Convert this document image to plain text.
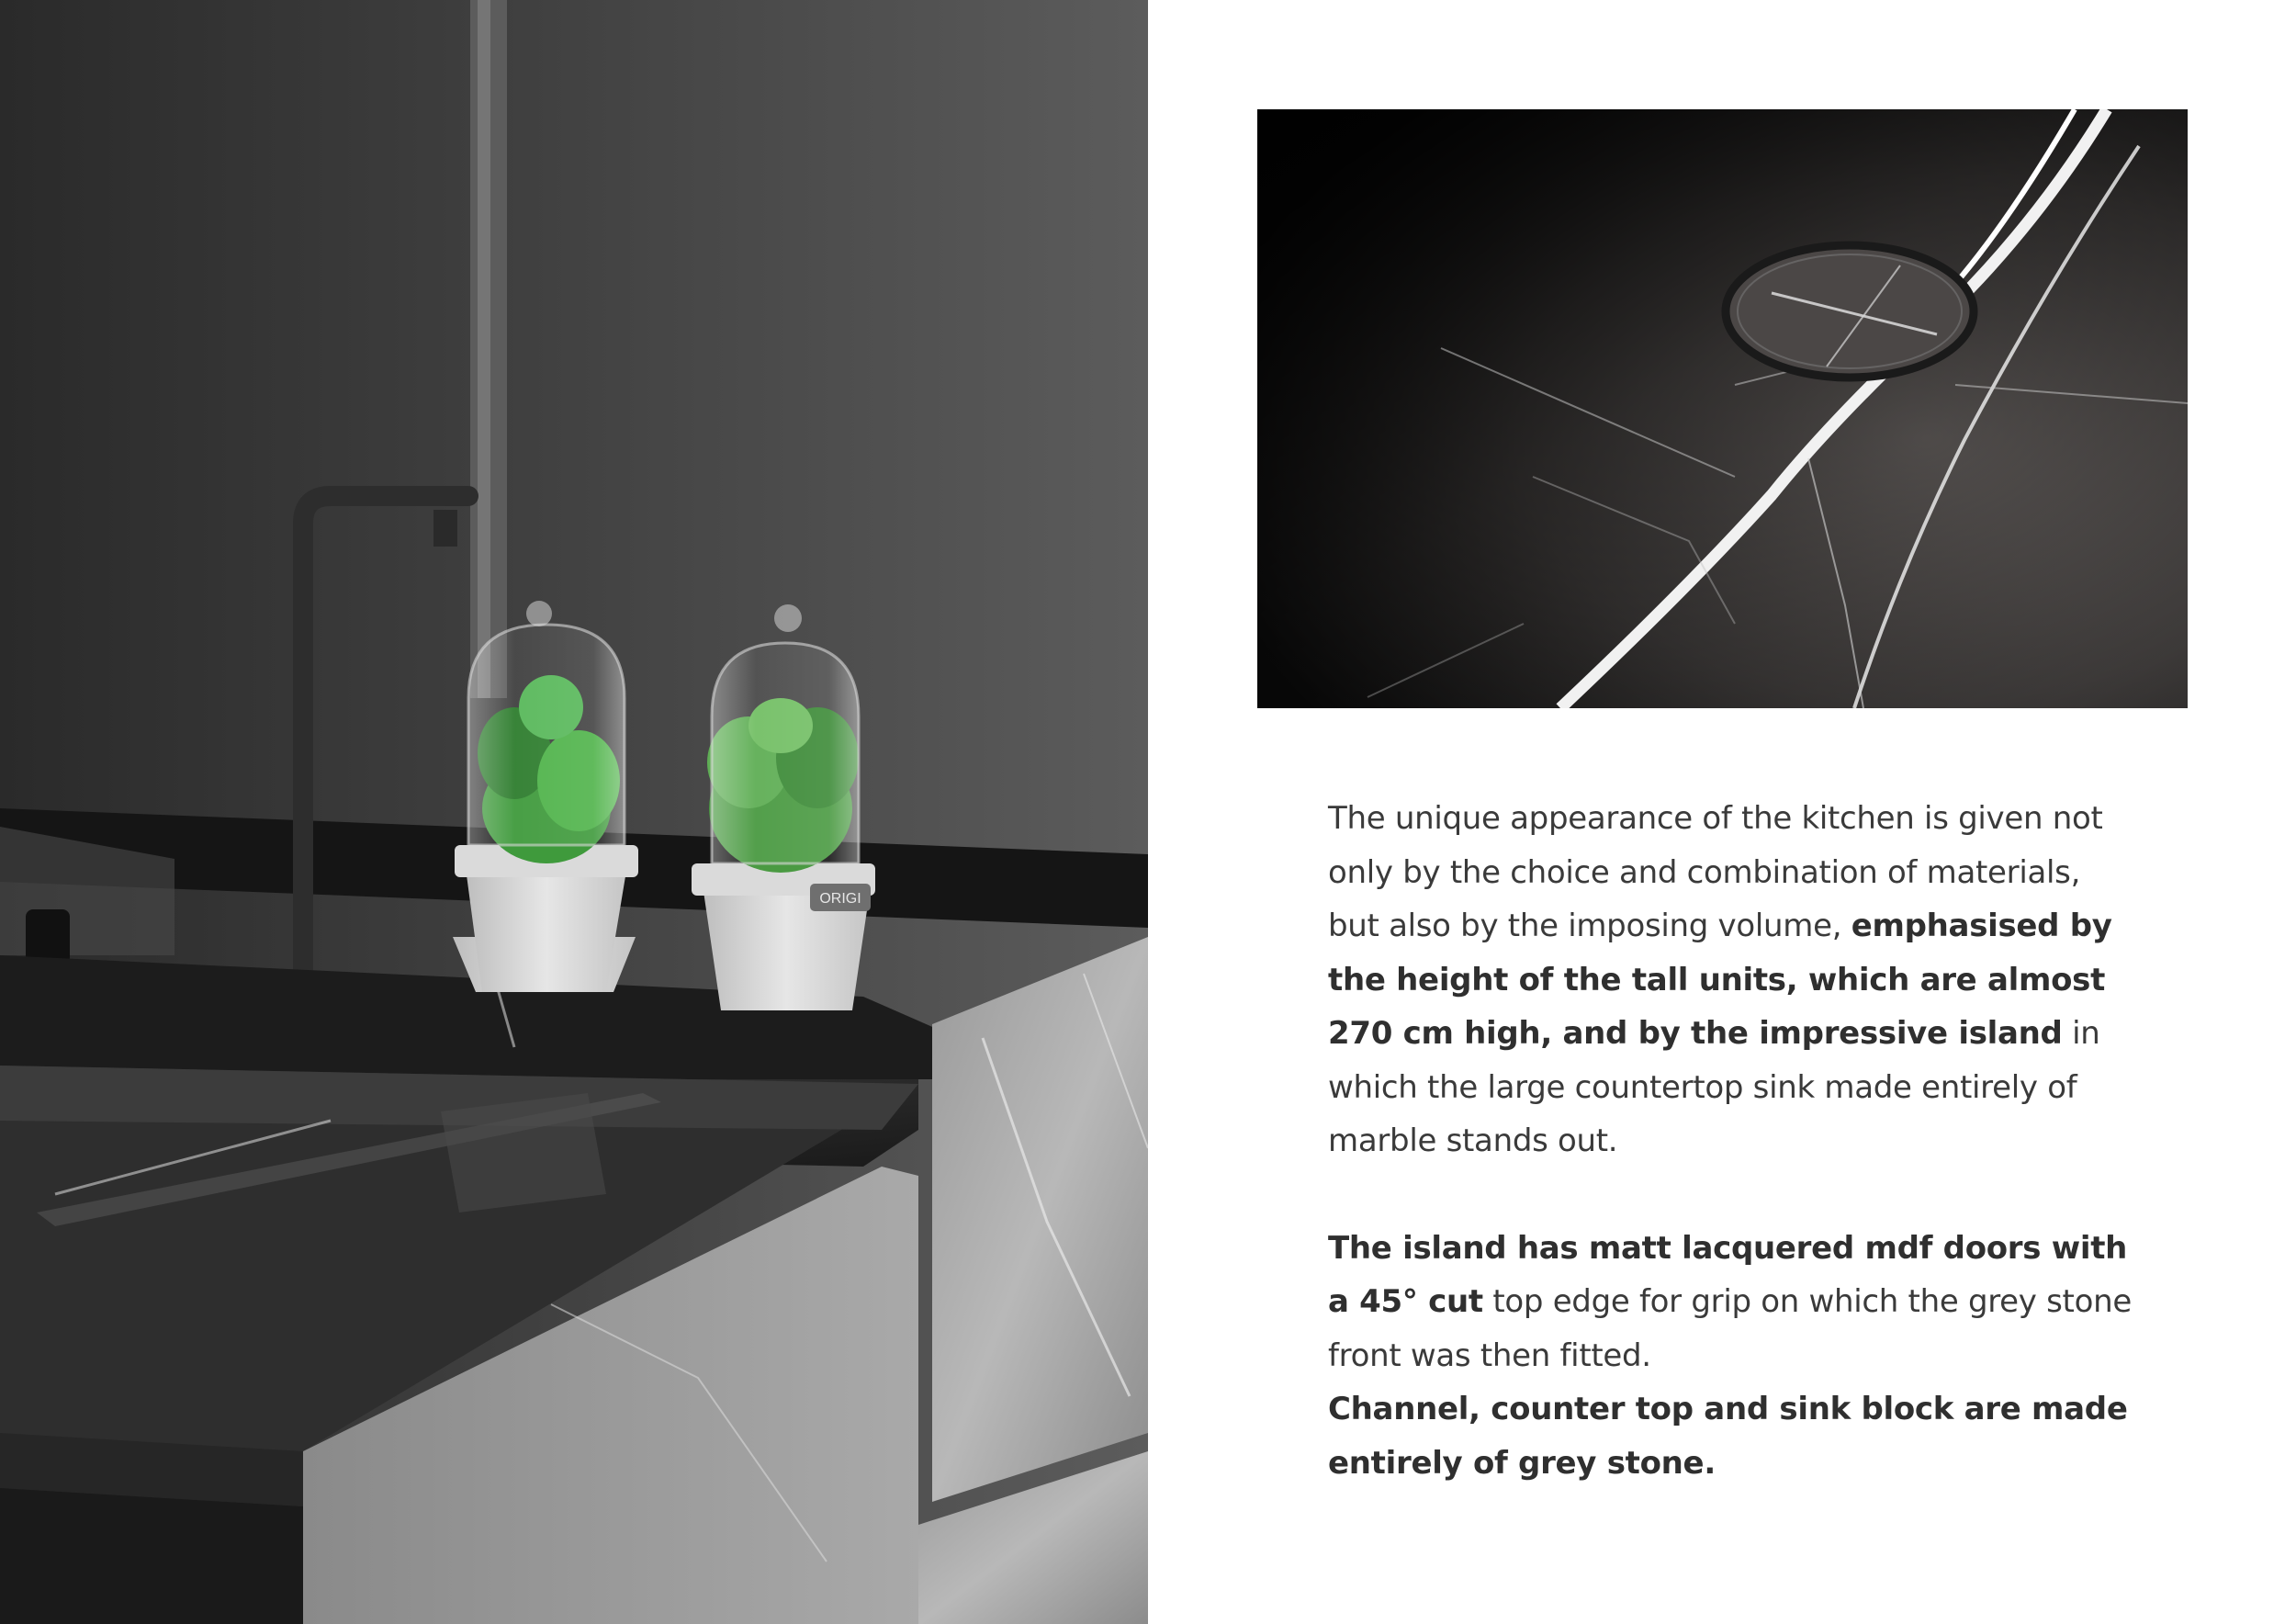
ORIGI

The unique appearance of the kitchen is given not only by the choice and combination of materials, but also by the imposing volume, emphasised by the height of the tall units, which are almost 270 cm high, and by the impressive island in which the large countertop sink made entirely of marble stands out.

The island has matt lacquered mdf doors with a 45° cut top edge for grip on which the grey stone front was then fitted.

Channel, counter top and sink block are made entirely of grey stone.
